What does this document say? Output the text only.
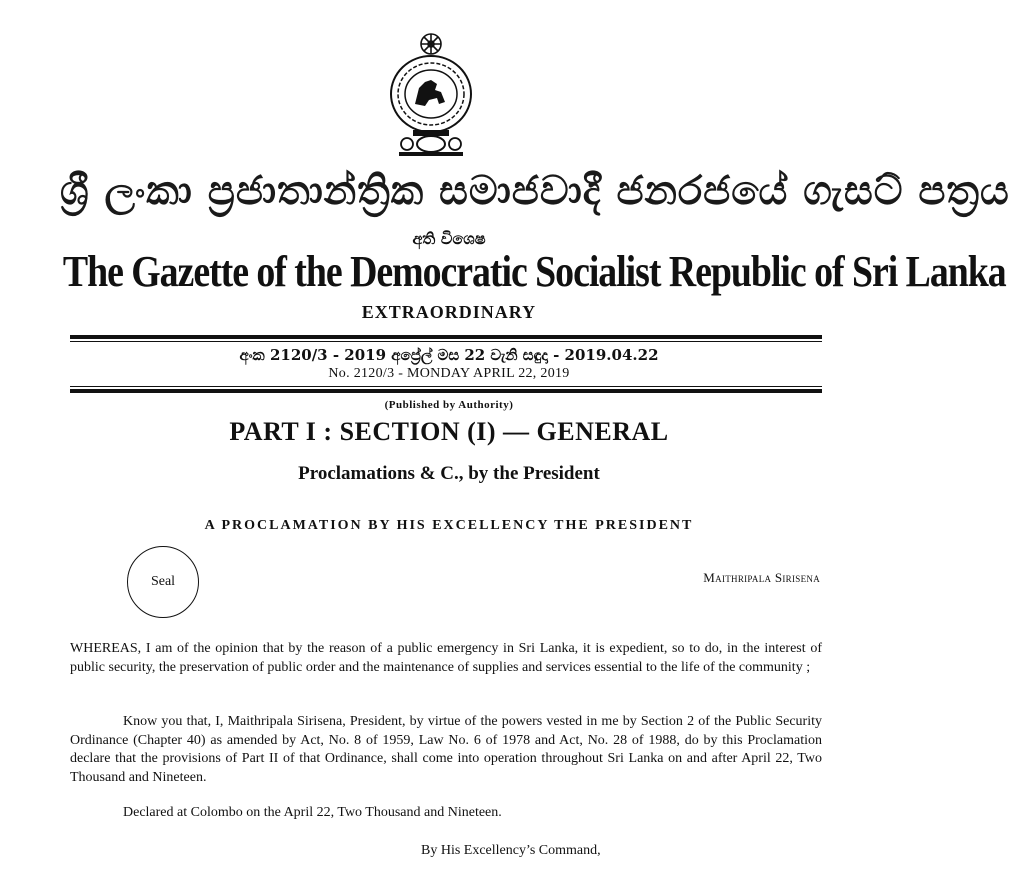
ශ්‍රී ලංකා ප්‍රජාතාන්ත්‍රික සමාජවාදී ජනරජයේ ගැසට් පත්‍රය
අති විශෙෂ
The Gazette of the Democratic Socialist Republic of Sri Lanka
EXTRAORDINARY
අංක 2120/3 - 2019 අප්‍රේල් මස 22 වැනි සඳුදා - 2019.04.22
No. 2120/3 - MONDAY APRIL 22, 2019
(Published by Authority)
PART I : SECTION (I) — GENERAL
Proclamations & C., by the President
A PROCLAMATION BY HIS EXCELLENCY THE PRESIDENT
Seal	Maithripala Sirisena
WHEREAS, I am of the opinion that by the reason of a public emergency in Sri Lanka, it is expedient, so to do, in the interest of public security, the preservation of public order and the maintenance of supplies and services essential to the life of the community ;
Know you that, I, Maithripala Sirisena, President, by virtue of the powers vested in me by Section 2 of the Public Security Ordinance (Chapter 40) as amended by Act, No. 8 of 1959, Law No. 6 of 1978 and Act, No. 28 of 1988, do by this Proclamation declare that the provisions of Part II of that Ordinance, shall come into operation throughout Sri Lanka on and after April 22, Two Thousand and Nineteen.
Declared at Colombo on the April 22, Two Thousand and Nineteen.
By His Excellency’s Command,
